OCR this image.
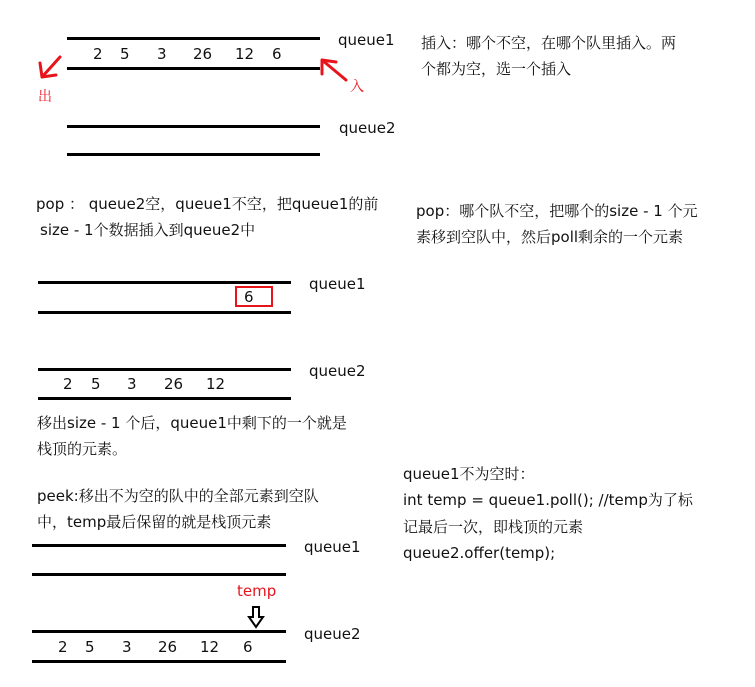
2 5 3 26 12 6
queue1
出
入
queue2
插入：哪个不空，在哪个队里插入。两
个都为空，选一个插入
pop ： queue2空，queue1不空，把queue1的前
size - 1个数据插入到queue2中
pop：哪个队不空，把哪个的size - 1 个元
素移到空队中，然后poll剩余的一个元素
6
queue1
2 5 3 26 12
queue2
移出size - 1 个后，queue1中剩下的一个就是
栈顶的元素。
peek:移出不为空的队中的全部元素到空队
中，temp最后保留的就是栈顶元素
queue1不为空时：
int temp = queue1.poll(); //temp为了标
记最后一次，即栈顶的元素
queue2.offer(temp);
queue1
temp
2 5 3 26 12 6
queue2
